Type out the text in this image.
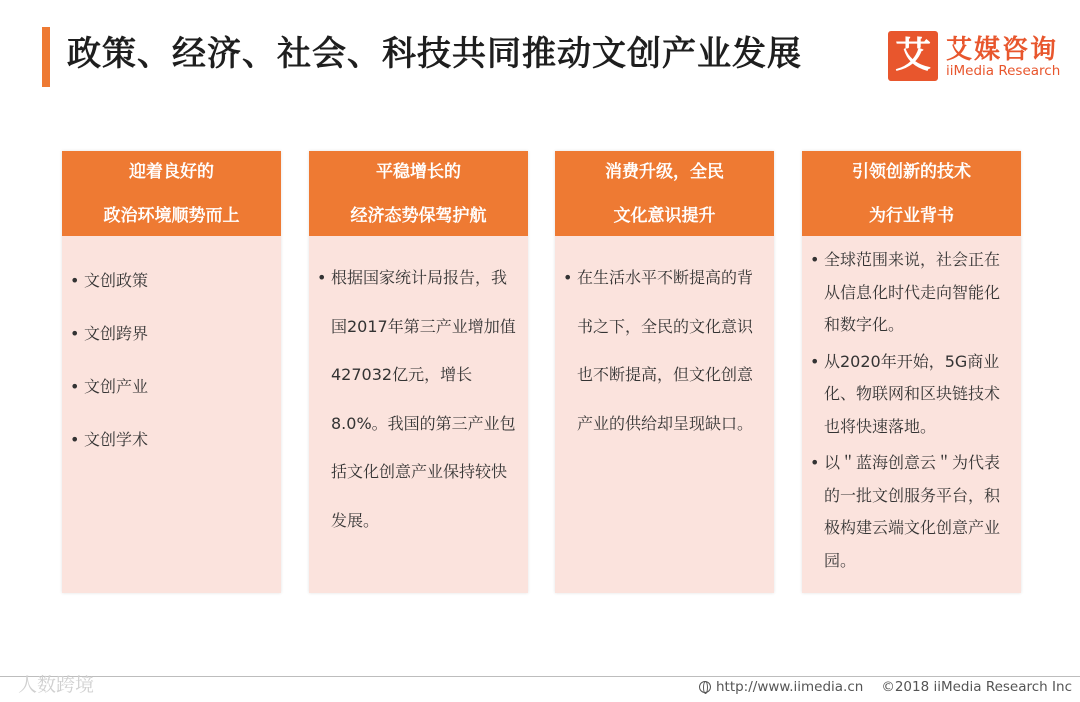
政策、经济、社会、科技共同推动文创产业发展	艾 艾媒咨询
iiMedia Research
迎着良好的
政治环境顺势而上
• 文创政策
• 文创跨界
• 文创产业
• 文创学术
平稳增长的
经济态势保驾护航
• 根据国家统计局报告，我国2017年第三产业增加值427032亿元，增长8.0%。我国的第三产业包括文化创意产业保持较快发展。
消费升级，全民
文化意识提升
• 在生活水平不断提高的背书之下，全民的文化意识也不断提高，但文化创意产业的供给却呈现缺口。
引领创新的技术
为行业背书
• 全球范围来说，社会正在从信息化时代走向智能化和数字化。
• 从2020年开始，5G商业化、物联网和区块链技术也将快速落地。
• 以＂蓝海创意云＂为代表的一批文创服务平台，积极构建云端文化创意产业园。
人数跨境	http://www.iimedia.cn ©2018 iiMedia Research Inc
